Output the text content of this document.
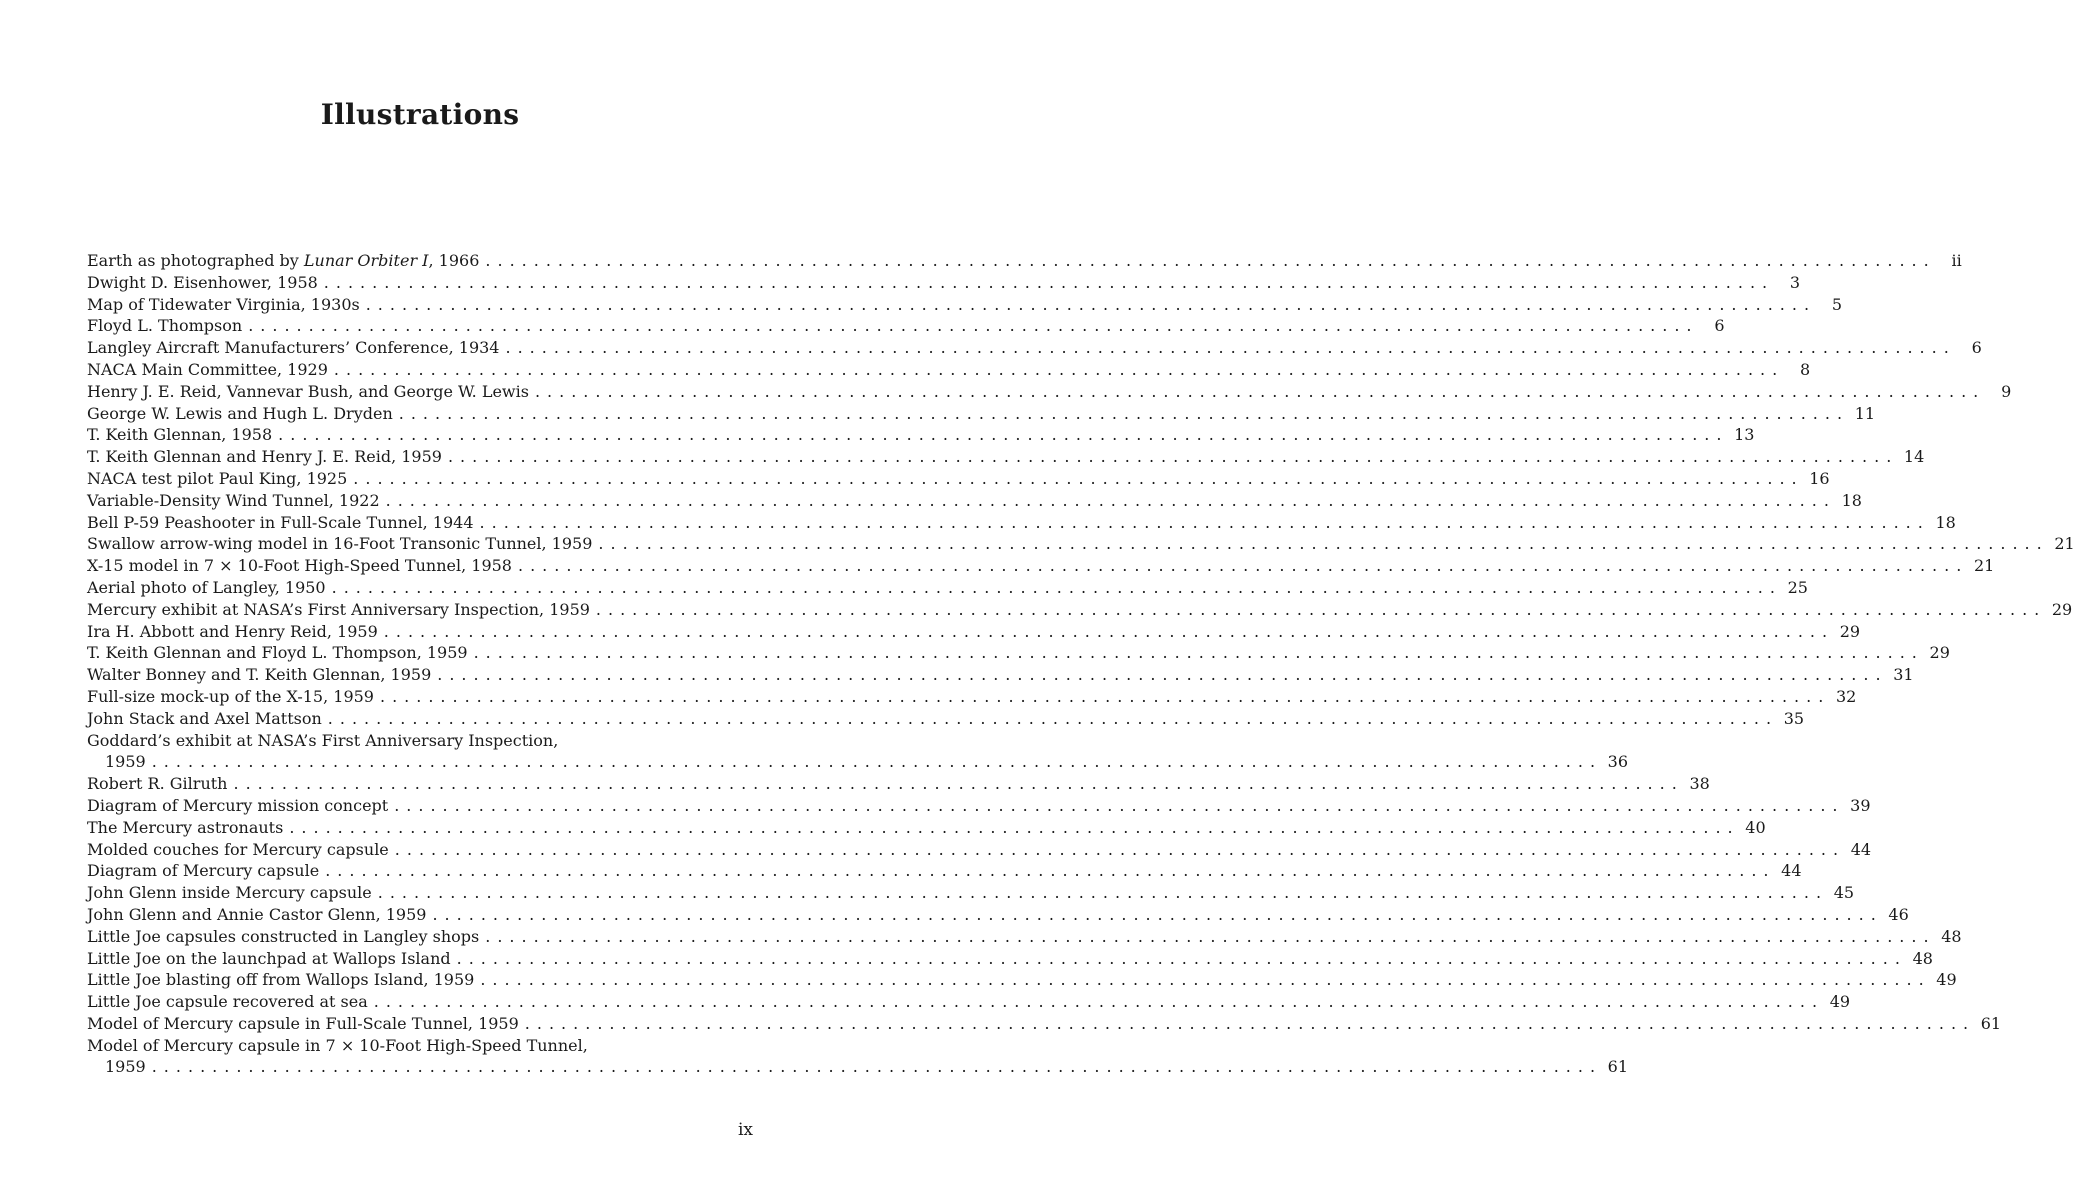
Illustrations
Earth as photographed by Lunar Orbiter I, 1966 ........................................................................................................................ ii
Dwight D. Eisenhower, 1958 ........................................................................................................................ 3
Map of Tidewater Virginia, 1930s ........................................................................................................................ 5
Floyd L. Thompson ........................................................................................................................ 6
Langley Aircraft Manufacturers’ Conference, 1934 ........................................................................................................................ 6
NACA Main Committee, 1929 ........................................................................................................................ 8
Henry J. E. Reid, Vannevar Bush, and George W. Lewis ........................................................................................................................ 9
George W. Lewis and Hugh L. Dryden ........................................................................................................................ 11
T. Keith Glennan, 1958 ........................................................................................................................ 13
T. Keith Glennan and Henry J. E. Reid, 1959 ........................................................................................................................ 14
NACA test pilot Paul King, 1925 ........................................................................................................................ 16
Variable-Density Wind Tunnel, 1922 ........................................................................................................................ 18
Bell P-59 Peashooter in Full-Scale Tunnel, 1944 ........................................................................................................................ 18
Swallow arrow-wing model in 16-Foot Transonic Tunnel, 1959 ........................................................................................................................ 21
X-15 model in 7 × 10-Foot High-Speed Tunnel, 1958 ........................................................................................................................ 21
Aerial photo of Langley, 1950 ........................................................................................................................ 25
Mercury exhibit at NASA’s First Anniversary Inspection, 1959 ........................................................................................................................ 29
Ira H. Abbott and Henry Reid, 1959 ........................................................................................................................ 29
T. Keith Glennan and Floyd L. Thompson, 1959 ........................................................................................................................ 29
Walter Bonney and T. Keith Glennan, 1959 ........................................................................................................................ 31
Full-size mock-up of the X-15, 1959 ........................................................................................................................ 32
John Stack and Axel Mattson ........................................................................................................................ 35
Goddard’s exhibit at NASA’s First Anniversary Inspection,
1959 ........................................................................................................................ 36
Robert R. Gilruth ........................................................................................................................ 38
Diagram of Mercury mission concept ........................................................................................................................ 39
The Mercury astronauts ........................................................................................................................ 40
Molded couches for Mercury capsule ........................................................................................................................ 44
Diagram of Mercury capsule ........................................................................................................................ 44
John Glenn inside Mercury capsule ........................................................................................................................ 45
John Glenn and Annie Castor Glenn, 1959 ........................................................................................................................ 46
Little Joe capsules constructed in Langley shops ........................................................................................................................ 48
Little Joe on the launchpad at Wallops Island ........................................................................................................................ 48
Little Joe blasting off from Wallops Island, 1959 ........................................................................................................................ 49
Little Joe capsule recovered at sea ........................................................................................................................ 49
Model of Mercury capsule in Full-Scale Tunnel, 1959 ........................................................................................................................ 61
Model of Mercury capsule in 7 × 10-Foot High-Speed Tunnel,
1959 ........................................................................................................................ 61
ix
